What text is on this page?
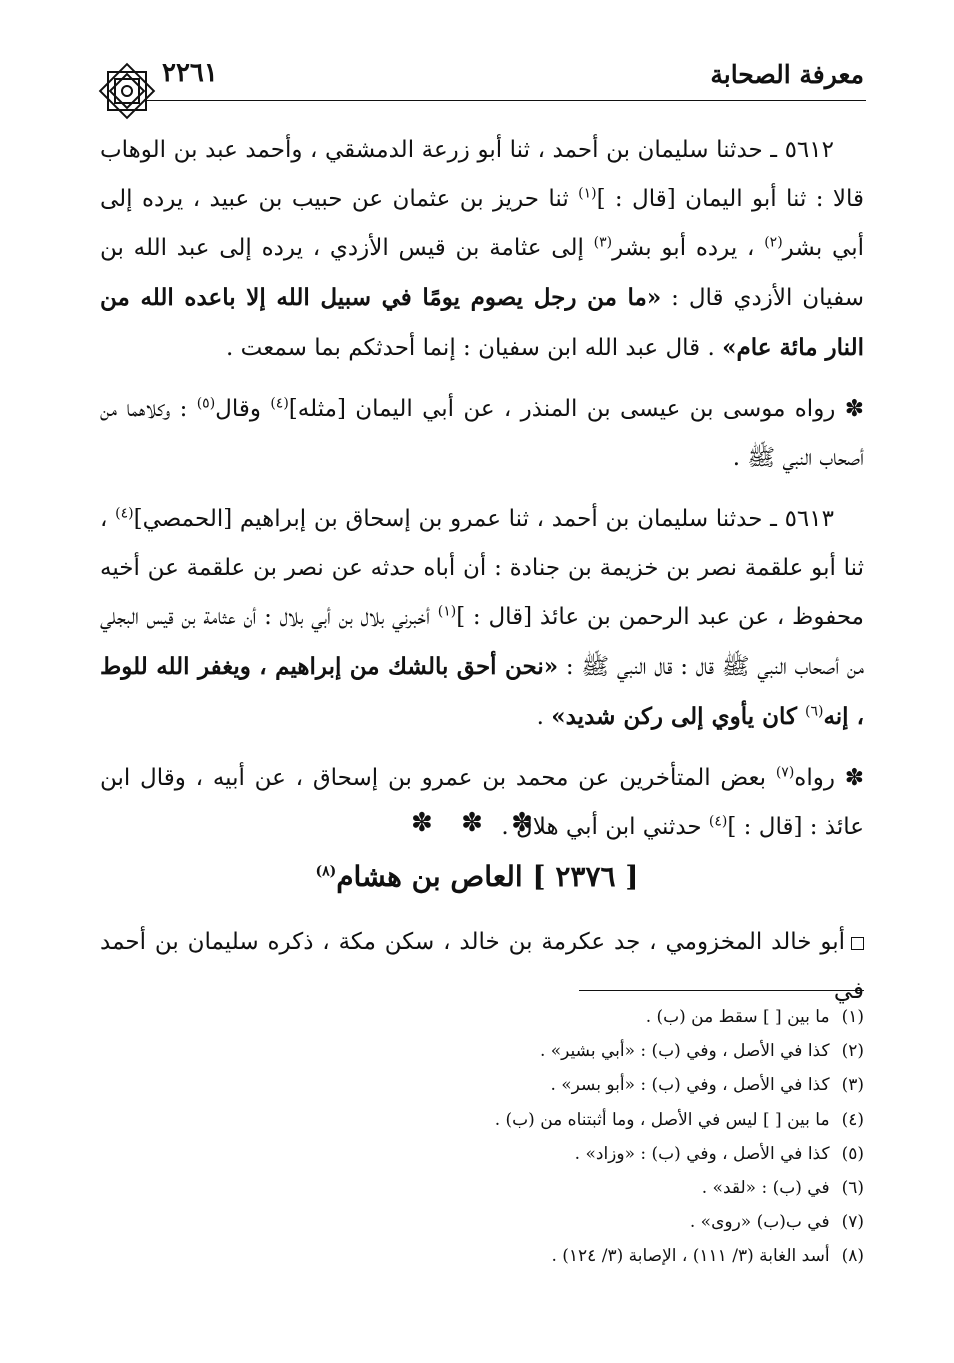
معرفة الصحابة
٢٢٦١

٥٦١٢ ـ حدثنا سليمان بن أحمد ، ثنا أبو زرعة الدمشقي ، وأحمد عبد بن الوهاب قالا : ثنا أبو اليمان [قال : ]$^{(١)}$ ثنا حريز بن عثمان عن حبيب بن عبيد ، يرده إلى أبي بشر$^{(٢)}$ ، يرده أبو بشر$^{(٣)}$ إلى عثامة بن قيس الأزدي ، يرده إلى عبد الله بن سفيان الأزدي قال : «ما من رجل يصوم يومًا في سبيل الله إلا باعده الله من النار مائة عام» . قال عبد الله ابن سفيان : إنما أحدثكم بما سمعت .

✽ رواه موسى بن عيسى بن المنذر ، عن أبي اليمان [مثله]$^{(٤)}$ وقال$^{(٥)}$ : وكلاهما من أصحاب النبي ﷺ .

٥٦١٣ ـ حدثنا سليمان بن أحمد ، ثنا عمرو بن إسحاق بن إبراهيم [الحمصي]$^{(٤)}$ ، ثنا أبو علقمة نصر بن خزيمة بن جنادة : أن أباه حدثه عن نصر بن علقمة عن أخيه محفوظ ، عن عبد الرحمن بن عائذ [قال : ]$^{(١)}$ أخبرني بلال بن أبي بلال : أن عثامة بن قيس البجلي من أصحاب النبي ﷺ قال : قال النبي ﷺ : «نحن أحق بالشك من إبراهيم ، ويغفر الله للوط ، إنه$^{(٦)}$ كان يأوي إلى ركن شديد» .

✽ رواه$^{(٧)}$ بعض المتأخرين عن محمد بن عمرو بن إسحاق ، عن أبيه ، وقال ابن عائذ : [قال : ]$^{(٤)}$ حدثني ابن أبي هلال .

✽ ✽ ✽
[ ٢٣٧٦ ] العاص بن هشام$^{(٨)}$
أبو خالد المخزومي ، جد عكرمة بن خالد ، سكن مكة ، ذكره سليمان بن أحمد في
(١)ما بين [ ] سقط من (ب) .
(٢)كذا في الأصل ، وفي (ب) : «أبي بشير» .
(٣)كذا في الأصل ، وفي (ب) : «أبو بسر» .
(٤)ما بين [ ] ليس في الأصل ، وما أثبتناه من (ب) .
(٥)كذا في الأصل ، وفي (ب) : «وزاد» .
(٦)في (ب) : «لقد» .
(٧)في ب(ب) «روى» .
(٨)أسد الغابة (٣/ ١١١) ، الإصابة (٣/ ١٢٤) .
